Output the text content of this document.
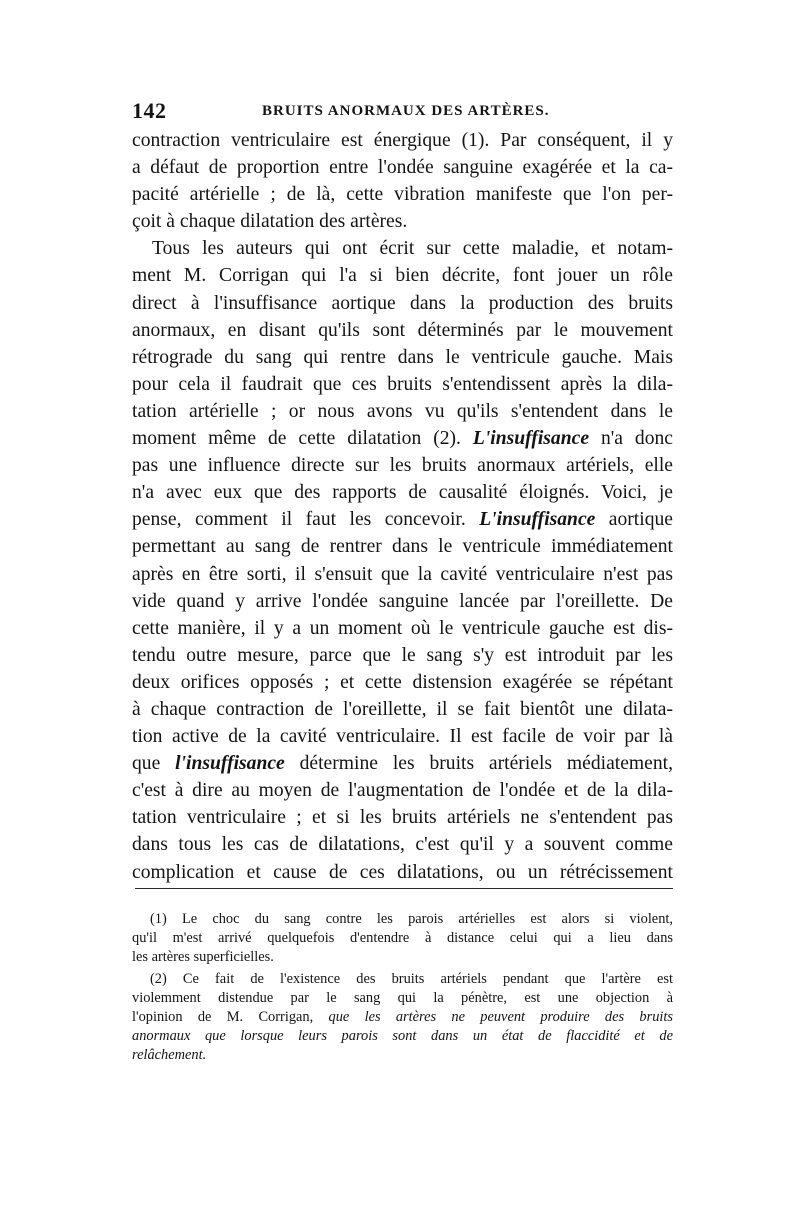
142	BRUITS ANORMAUX DES ARTÈRES.
contraction ventriculaire est énergique (1). Par conséquent, il y
a défaut de proportion entre l'ondée sanguine exagérée et la ca-
pacité artérielle ; de là, cette vibration manifeste que l'on per-
çoit à chaque dilatation des artères.
Tous les auteurs qui ont écrit sur cette maladie, et notam-
ment M. Corrigan qui l'a si bien décrite, font jouer un rôle
direct à l'insuffisance aortique dans la production des bruits
anormaux, en disant qu'ils sont déterminés par le mouvement
rétrograde du sang qui rentre dans le ventricule gauche. Mais
pour cela il faudrait que ces bruits s'entendissent après la dila-
tation artérielle ; or nous avons vu qu'ils s'entendent dans le
moment même de cette dilatation (2). L'insuffisance n'a donc
pas une influence directe sur les bruits anormaux artériels, elle
n'a avec eux que des rapports de causalité éloignés. Voici, je
pense, comment il faut les concevoir. L'insuffisance aortique
permettant au sang de rentrer dans le ventricule immédiatement
après en être sorti, il s'ensuit que la cavité ventriculaire n'est pas
vide quand y arrive l'ondée sanguine lancée par l'oreillette. De
cette manière, il y a un moment où le ventricule gauche est dis-
tendu outre mesure, parce que le sang s'y est introduit par les
deux orifices opposés ; et cette distension exagérée se répétant
à chaque contraction de l'oreillette, il se fait bientôt une dilata-
tion active de la cavité ventriculaire. Il est facile de voir par là
que l'insuffisance détermine les bruits artériels médiatement,
c'est à dire au moyen de l'augmentation de l'ondée et de la dila-
tation ventriculaire ; et si les bruits artériels ne s'entendent pas
dans tous les cas de dilatations, c'est qu'il y a souvent comme
complication et cause de ces dilatations, ou un rétrécissement
(1) Le choc du sang contre les parois artérielles est alors si violent,
qu'il m'est arrivé quelquefois d'entendre à distance celui qui a lieu dans
les artères superficielles.
(2) Ce fait de l'existence des bruits artériels pendant que l'artère est
violemment distendue par le sang qui la pénètre, est une objection à
l'opinion de M. Corrigan, que les artères ne peuvent produire des bruits
anormaux que lorsque leurs parois sont dans un état de flaccidité et de
relâchement.
